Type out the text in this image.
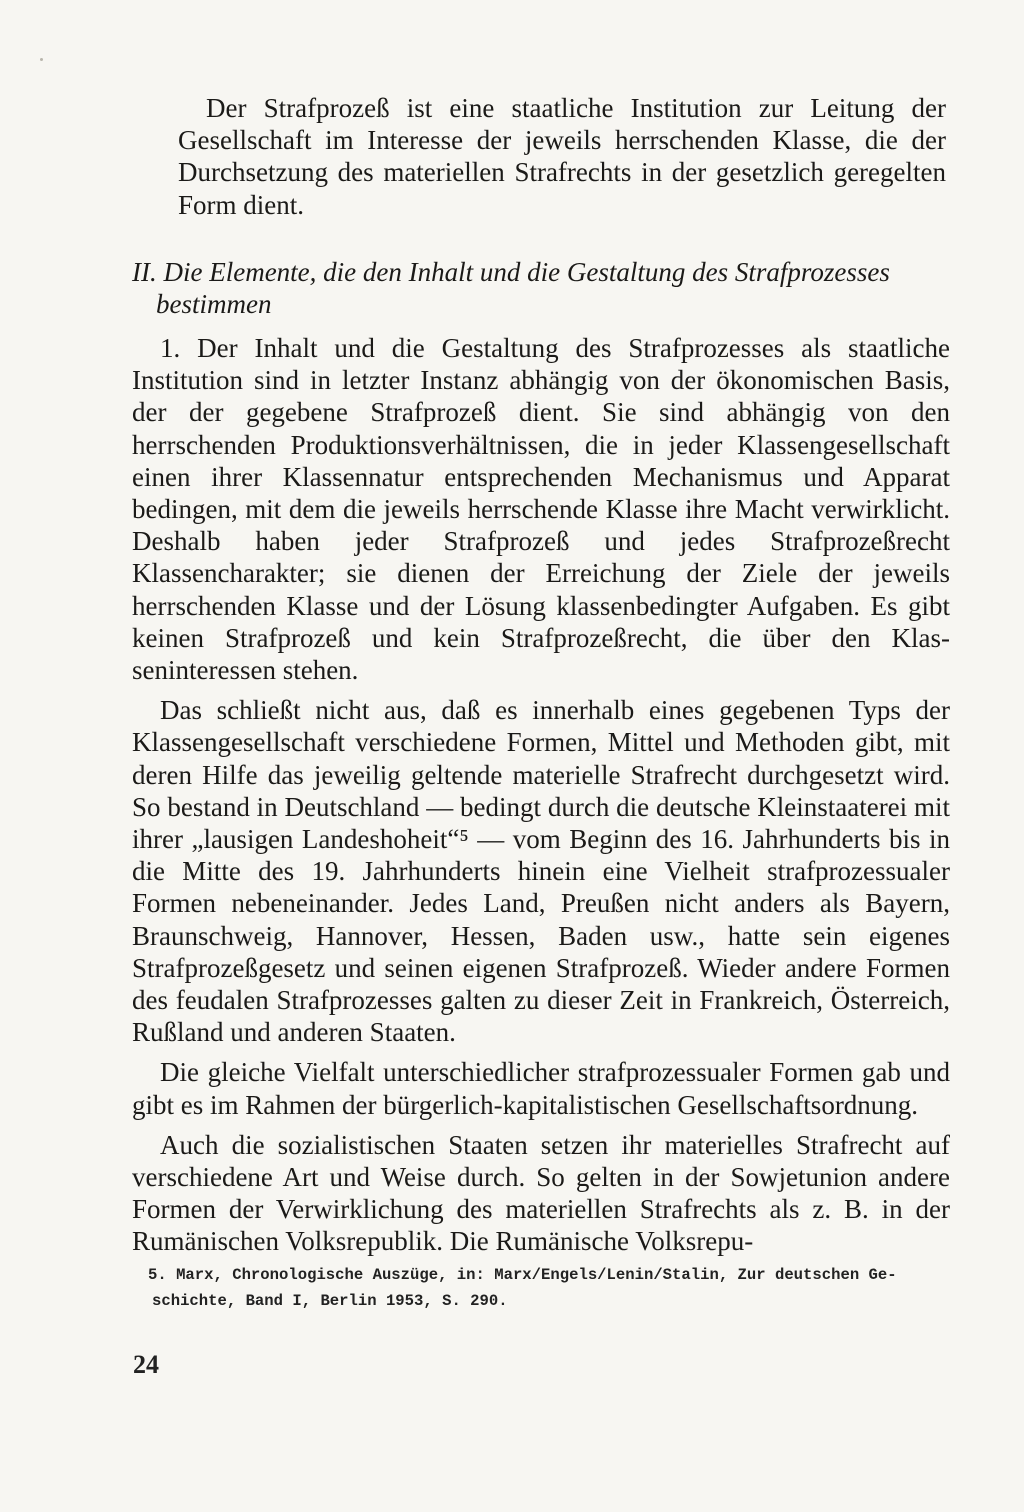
Der Strafprozeß ist eine staatliche Institution zur Leitung der Gesellschaft im Interesse der jeweils herrschenden Klasse, die der Durchsetzung des materiellen Strafrechts in der gesetzlich geregelten Form dient.

II. Die Elemente, die den Inhalt und die Gestaltung des Strafprozesses bestimmen

1. Der Inhalt und die Gestaltung des Strafprozesses als staatliche Institution sind in letzter Instanz abhängig von der ökonomischen Basis, der der gegebene Strafprozeß dient. Sie sind abhängig von den herrschenden Produktionsverhältnissen, die in jeder Klassengesellschaft einen ihrer Klassennatur entsprechenden Mechanismus und Apparat bedingen, mit dem die jeweils herrschende Klasse ihre Macht verwirklicht. Deshalb haben jeder Strafprozeß und jedes Strafprozeßrecht Klassencharakter; sie dienen der Erreichung der Ziele der jeweils herrschenden Klasse und der Lösung klassenbedingter Aufgaben. Es gibt keinen Strafprozeß und kein Strafprozeßrecht, die über den Klasseninteressen stehen.

Das schließt nicht aus, daß es innerhalb eines gegebenen Typs der Klassengesellschaft verschiedene Formen, Mittel und Methoden gibt, mit deren Hilfe das jeweilig geltende materielle Strafrecht durchgesetzt wird. So bestand in Deutschland — bedingt durch die deutsche Kleinstaaterei mit ihrer „lausigen Landeshoheit“⁵ — vom Beginn des 16. Jahrhunderts bis in die Mitte des 19. Jahrhunderts hinein eine Vielheit strafprozessualer Formen nebeneinander. Jedes Land, Preußen nicht anders als Bayern, Braunschweig, Hannover, Hessen, Baden usw., hatte sein eigenes Strafprozeßgesetz und seinen eigenen Strafprozeß. Wieder andere Formen des feudalen Strafprozesses galten zu dieser Zeit in Frankreich, Österreich, Rußland und anderen Staaten.

Die gleiche Vielfalt unterschiedlicher strafprozessualer Formen gab und gibt es im Rahmen der bürgerlich-kapitalistischen Gesellschaftsordnung.

Auch die sozialistischen Staaten setzen ihr materielles Strafrecht auf verschiedene Art und Weise durch. So gelten in der Sowjetunion andere Formen der Verwirklichung des materiellen Strafrechts als z. B. in der Rumänischen Volksrepublik. Die Rumänische Volksrepu-

5. Marx, Chronologische Auszüge, in: Marx/Engels/Lenin/Stalin, Zur deutschen Geschichte, Band I, Berlin 1953, S. 290.
24
